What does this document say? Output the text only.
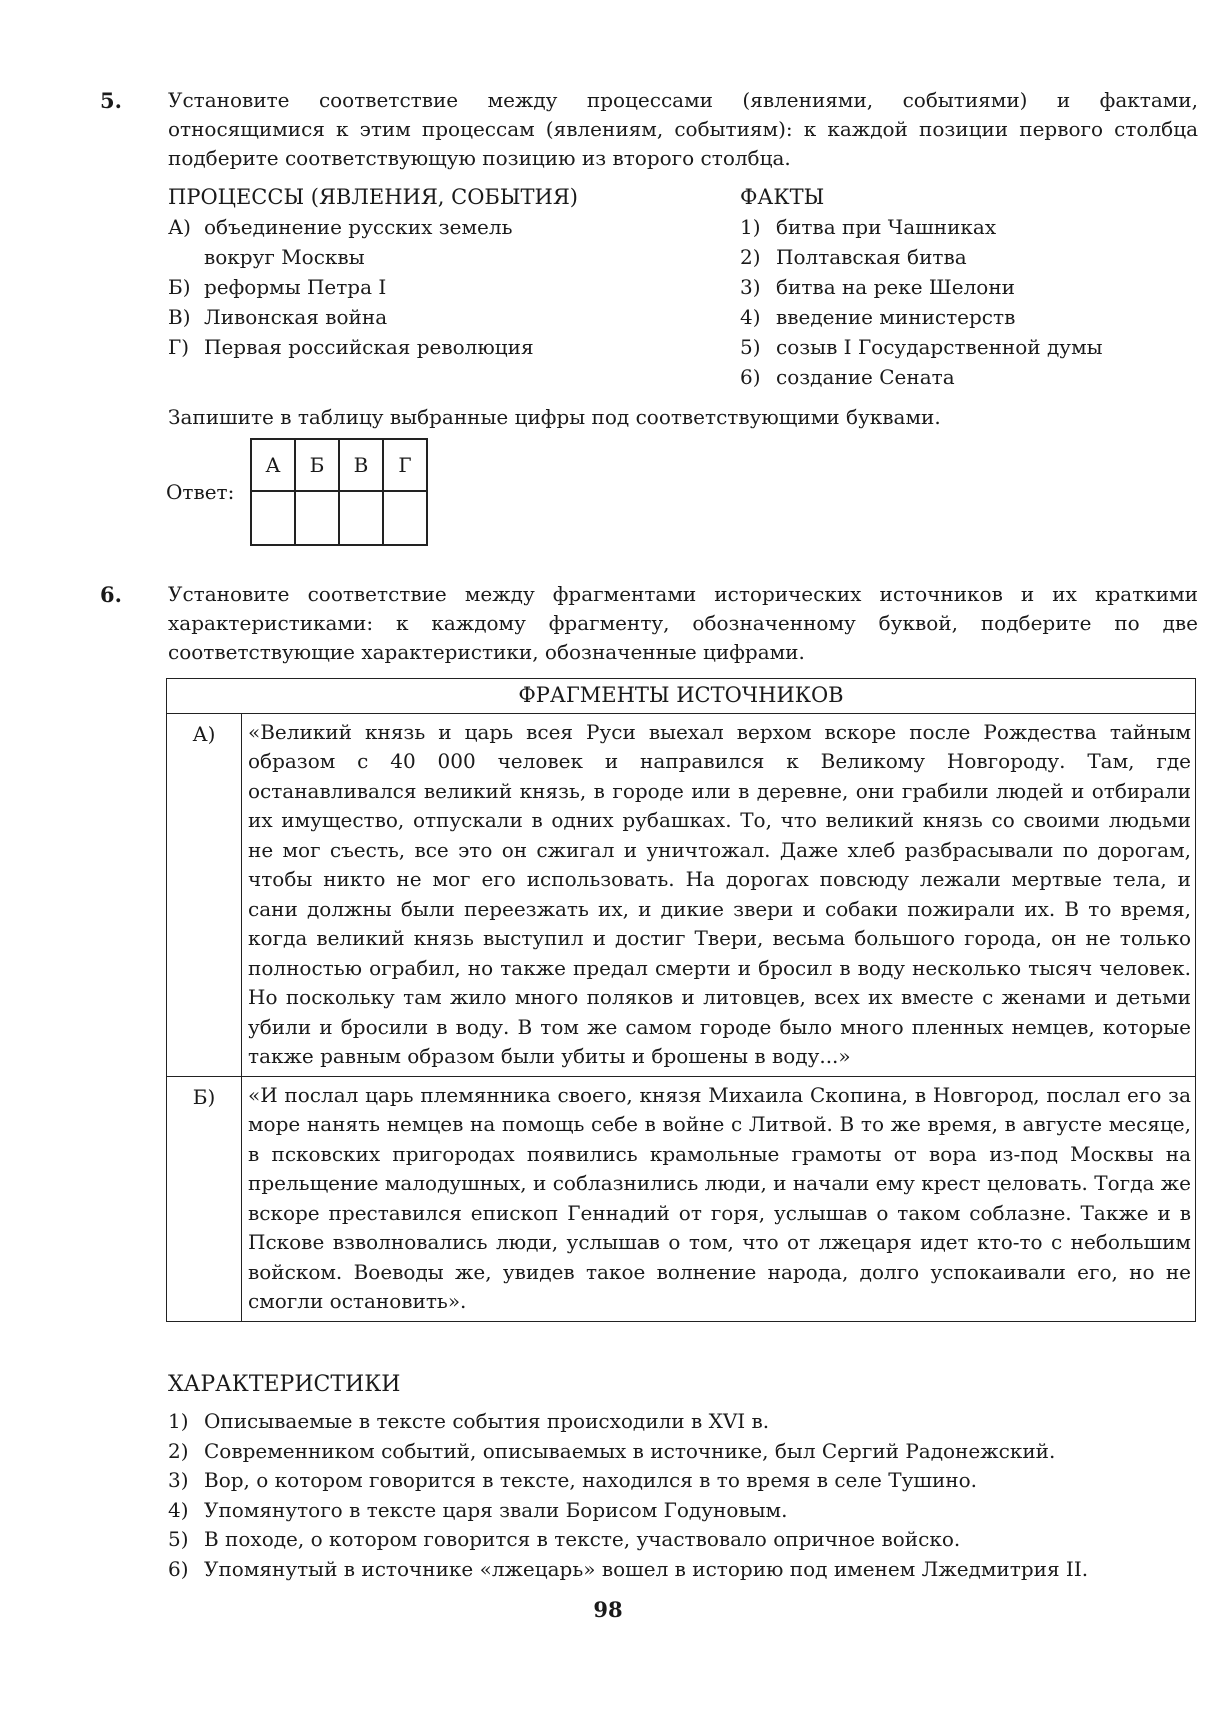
5. Установите соответствие между процессами (явлениями, событиями) и фактами, относящимися к этим процессам (явлениям, событиям): к каждой позиции первого столбца подберите соответствующую позицию из второго столбца.
ПРОЦЕССЫ (ЯВЛЕНИЯ, СОБЫТИЯ)
А) объединение русских земель
вокруг Москвы
Б) реформы Петра I
В) Ливонская война
Г) Первая российская революция
ФАКТЫ
1) битва при Чашниках
2) Полтавская битва
3) битва на реке Шелони
4) введение министерств
5) созыв I Государственной думы
6) создание Сената
Запишите в таблицу выбранные цифры под соответствующими буквами.
Ответ:
А	Б	В	Г

6. Установите соответствие между фрагментами исторических источников и их краткими характеристиками: к каждому фрагменту, обозначенному буквой, подберите по две соответствующие характеристики, обозначенные цифрами.
ФРАГМЕНТЫ ИСТОЧНИКОВ	
А)	«Великий князь и царь всея Руси выехал верхом вскоре после Рождества тайным образом с 40 000 человек и направился к Великому Новгороду. Там, где останавливался великий князь, в городе или в деревне, они грабили людей и отбирали их имущество, отпускали в одних рубашках. То, что великий князь со своими людьми не мог съесть, все это он сжигал и уничтожал. Даже хлеб разбрасывали по дорогам, чтобы никто не мог его использовать. На дорогах повсюду лежали мертвые тела, и сани должны были переезжать их, и дикие звери и собаки пожирали их. В то время, когда великий князь выступил и достиг Твери, весьма большого города, он не только полностью ограбил, но также предал смерти и бросил в воду несколько тысяч человек. Но поскольку там жило много поляков и литовцев, всех их вместе с женами и детьми убили и бросили в воду. В том же самом городе было много пленных немцев, которые также равным образом были убиты и брошены в воду...»
Б)	«И послал царь племянника своего, князя Михаила Скопина, в Новгород, послал его за море нанять немцев на помощь себе в войне с Литвой. В то же время, в августе месяце, в псковских пригородах появились крамольные грамоты от вора из-под Москвы на прельщение малодушных, и соблазнились люди, и начали ему крест целовать. Тогда же вскоре преставился епископ Геннадий от горя, услышав о таком соблазне. Также и в Пскове взволновались люди, услышав о том, что от лжецаря идет кто-то с небольшим войском. Воеводы же, увидев такое волнение народа, долго успокаивали его, но не смогли остановить».
ХАРАКТЕРИСТИКИ
1) Описываемые в тексте события происходили в XVI в.
2) Современником событий, описываемых в источнике, был Сергий Радонежский.
3) Вор, о котором говорится в тексте, находился в то время в селе Тушино.
4) Упомянутого в тексте царя звали Борисом Годуновым.
5) В походе, о котором говорится в тексте, участвовало опричное войско.
6) Упомянутый в источнике «лжецарь» вошел в историю под именем Лжедмитрия II.
98
